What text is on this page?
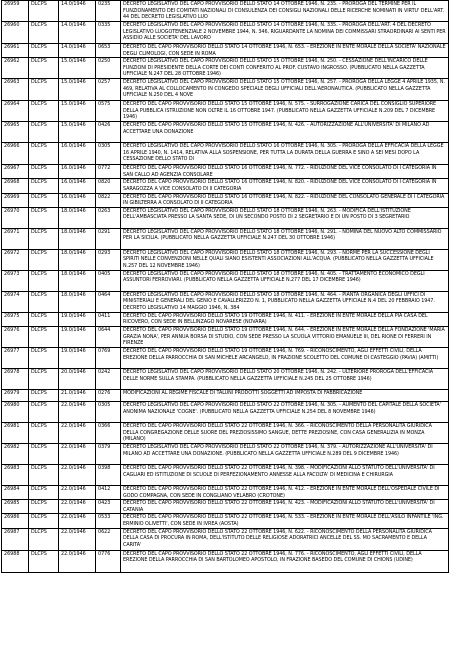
26959	DLCPS	14.0/1946	0235	DECRETO LEGISLATIVO DEL CAPO PROVVISORIO DELLO STATO 14 OTTOBRE 1946, N. 235. - PROROGA DEL TERMINE PER IL FUNZIONAMENTO DEI COMITATI NAZIONALI DI CONSULENZA DEI CONSIGLI NAZIONALI DELLE RICERCHE NOMINATI IN VIRTU' DELL'ART. 44 DEL DECRETO LEGISLATIVO LUO
26960	DLCPS	14.0/1946	0335	DECRETO LEGISLATIVO DEL CAPO PROVVISORIO DELLO STATO 14 OTTOBRE 1946, N. 335. - PROROGA DELL'ART. 4 DEL DECRETO LEGISLATIVO LUOGOTENENZIALE 2 NOVEMBRE 1944, N. 346, RIGUARDANTE LA NOMINA DEI COMMISSARI STRAORDINARI AI SENTI PER ASSIDIO ALLE SOCIETA' DEL LAVORO
26961	DLCPS	14.0/1946	0653	DECRETO DEL CAPO PROVVISORIO DELLO STATO 14 OTTOBRE 1946, N. 653. - EREZIONE IN ENTE MORALE DELLA SOCIETA' NAZIONALE DEGLI CLIMOLOGI, CON SEDE IN ROMA
26962	DLCPS	15.0/1946	0250	DECRETO LEGISLATIVO DEL CAPO PROVVISORIO DELLO STATO 15 OTTOBRE 1946, N. 250. - CESSAZIONE DELL'INCARICO DELLE FUNZIONI DI PRESIDENTE DELLA CORTE DEI CONTI CONFERITO AL PROF. CUSTAVO INGROSSO. (PUBBLICATO NELLA GAZZETTA UFFICIALE N.247 DEL 28 OTTOBRE 1946)
26963	DLCPS	15.0/1946	0257	DECRETO LEGISLATIVO DEL CAPO PROVVISORIO DELLO STATO 15 OTTOBRE 1946, N. 257. - PROROGA DELLA LEGGE 4 APRILE 1935, N. 469, RELATIVA AL COLLOCAMENTO IN CONGEDO SPECIALE DEGLI UFFICIALI DELL'AERONAUTICA. (PUBBLICATO NELLA GAZZETTA UFFICIALE N.250 DEL 4 NOVE
26964	DLCPS	15.0/1946	0575	DECRETO DEL CAPO PROVVISORIO DELLO STATO 15 OTTOBRE 1946, N. 575. - SURROGAZIONE CARICA DEL CONSIGLIO SUPERIORE DELLA PUBBLICA ISTRUZIONE NON OLTRE IL 16 OTTOBRE 1947. (PUBBLICATO NELLA GAZZETTA UFFICIALE N.209 DEL 7 DICEMBRE 1946)
26965	DLCPS	15.0/1946	0426	DECRETO DEL CAPO PROVVISORIO DELLO STATO 15 OTTOBRE 1946, N. 426. - AUTORIZZAZIONE ALL'UNIVERSITA' DI MILANO AD ACCETTARE UNA DONAZIONE
26966	DLCPS	16.0/1946	0305	DECRETO LEGISLATIVO DEL CAPO PROVVISORIO DELLO STATO 16 OTTOBRE 1946, N. 305. - PROROGA DELLA EFFICACIA DELLA LEGGE 16 APRILE 1940, N. 1414, RELATIVA ALLA SOSPENSIONE, PER TUTTA LA DURATA DELLA GUERRA E SINO A SEI MESI DOPO LA CESSAZIONE DELLO STATO DI
26967	DLCPS	16.0/1946	0772	DECRETO DEL CAPO PROVVISORIO DELLO STATO 16 OTTOBRE 1946, N. 772. - RIDUZIONE DEL VICE CONSOLATO DI I CATEGORIA IN SAN CALLO AD AGENZIA CONSOLARE
26968	DLCPS	16.0/1946	0820	DECRETO DEL CAPO PROVVISORIO DELLO STATO 16 OTTOBRE 1946, N. 820. - RIDUZIONE DEL VICE CONSOLATO DI I CATEGORIA IN SARAGOZZA A VICE CONSOLATO DI II CATEGORIA
26969	DLCPS	16.0/1946	0822	DECRETO DEL CAPO PROVVISORIO DELLO STATO 16 OTTOBRE 1946, N. 822. - RIDUZIONE DEL CONSOLATO GENERALE DI I CATEGORIA IN GIBILTERRA A CONSOLATO DI II CATEGORIA
26970	DLCPS	18.0/1946	0263	DECRETO LEGISLATIVO DEL CAPO PROVVISORIO DELLO STATO 18 OTTOBRE 1946, N. 263. - MODIFICA DELL'ISTITUZIONE DELL'AMBASCIATA PRESSO LA SANTA SEDE, DI UN SECONDO POSTO DI 2 SEGRETARIO E DI UN POSTO DI 3 SEGRETARIO
26971	DLCPS	18.0/1946	0291	DECRETO LEGISLATIVO DEL CAPO PROVVISORIO DELLO STATO 18 OTTOBRE 1946, N. 291. - NOMINA DEL NUOVO ALTO COMMISSARIO PER LA SICILIA. (PUBBLICATO NELLA GAZZETTA UFFICIALE N.247 DEL 30 OTTOBRE 1946)
26972	DLCPS	18.0/1946	0293	DECRETO LEGISLATIVO DEL CAPO PROVVISORIO DELLO STATO 18 OTTOBRE 1946, N. 293. - NORME PER LA SUCCESSIONE DEGLI SPIRITI NELLE CONVENZIONI NELLE QUALI SIANO ESISTENTI ASSOCIAZIONI ALL'ACQUA. (PUBBLICATO NELLA GAZZETTA UFFICIALE N.257 DEL 12 NOVEMBRE 1946)
26973	DLCPS	18.0/1946	0405	DECRETO LEGISLATIVO DEL CAPO PROVVISORIO DELLO STATO 18 OTTOBRE 1946, N. 405. - TRATTAMENTO ECONOMICO DEGLI ASSUNTORI FERROVIARI. (PUBBLICATO NELLA GAZZETTA UFFICIALE N.277 DEL 17 DICEMBRE 1946)
26974	DLCPS	18.0/1946	0464	DECRETO LEGISLATIVO DEL CAPO PROVVISORIO DELLO STATO 18 OTTOBRE 1946, N. 464. - PIANTA ORGANICA DEGLI UFFICI DI MINISTERIALI E GENERALI DEL GENIO E CAVALLERIZZO N. 1, PUBBLICATO NELLA GAZZETTA UFFICIALE N.4 DEL 20 FEBBRAIO 1947. DECRETO LEGISLATIVO 14 MAGGIO 1946, N. 384
26975	DLCPS	19.0/1946	0411	DECRETO DEL CAPO PROVVISORIO DELLO STATO 19 OTTOBRE 1946, N. 411. - EREZIONE IN ENTE MORALE DELLA PIA CASA DEL RICOVERO, CON SEDE IN BELLINZAGO NOVARESE (NOVARA)
26976	DLCPS	19.0/1946	0644	DECRETO DEL CAPO PROVVISORIO DELLO STATO 19 OTTOBRE 1946, N. 644. - EREZIONE IN ENTE MORALE DELLA FONDAZIONE 'MARIA GRAZIA NONA', PER ANNUA BORSA DI STUDIO, CON SEDE PRESSO LA SCUOLA VITTORIO EMANUELE III, DEL RIONE DI FERRERI IN FIRENZE
26977	DLCPS	19.0/1946	0769	DECRETO DEL CAPO PROVVISORIO DELLO STATO 19 OTTOBRE 1946, N. 769. - RICONOSCIMENTO, AGLI EFFETTI CIVILI, DELLA EREZIONE DELLA PARROCCHIA DI SAN MICHELE ARCANGELO, IN FRAZIONE SCOLETTO DEL COMUNE DI CASTEGGIO (PAVIA) (AMITTI)
26978	DLCPS	20.0/1946	0242	DECRETO LEGISLATIVO DEL CAPO PROVVISORIO DELLO STATO 20 OTTOBRE 1946, N. 242. - ULTERIORE PROROGA DELL'EFFICACIA DELLE NORME SULLA STAMPA. (PUBBLICATO NELLA GAZZETTA UFFICIALE N.245 DEL 25 OTTOBRE 1946)
26979	DLCPS	21.0/1946	0276	MODIFICAZIONI AL REGIME FISCALE DI TALUNI PRODOTTI SOGGETTI AD IMPOSTA DI FABBRICAZIONE
26980	DLCPS	22.0/1946	0305	DECRETO LEGISLATIVO DEL CAPO PROVVISORIO DELLO STATO 22 OTTOBRE 1946, N. 305. - AUMENTO DEL CAPITALE DELLA SOCIETA' ANONIMA NAZIONALE 'COGNE'. (PUBBLICATO NELLA GAZZETTA UFFICIALE N.254 DEL 8 NOVEMBRE 1946)
26981	DLCPS	22.0/1946	0366	DECRETO DEL CAPO PROVVISORIO DELLO STATO 22 OTTOBRE 1946, N. 366. - RICONOSCIMENTO DELLA PERSONALITA GIURIDICA DELLA CONGREGAZIONE DELLE SUORE DEL PREZIOSISSIMO SANGUE, DETTE PREZIOSINE, CON CASA GENERALIZIA IN MONZA (MILANO)
26982	DLCPS	22.0/1946	0379	DECRETO LEGISLATIVO DEL CAPO PROVVISORIO DELLO STATO 22 OTTOBRE 1946, N. 379. - AUTORIZZAZIONE ALL'UNIVERSITA' DI MILANO AD ACCETTARE UNA DONAZIONE. (PUBBLICATO NELLA GAZZETTA UFFICIALE N.289 DEL 9 DICEMBRE 1946)
26983	DLCPS	22.0/1946	0398	DECRETO DEL CAPO PROVVISORIO DELLO STATO 22 OTTOBRE 1946, N. 398. - MODIFICAZIONI ALLO STATUTO DELL'UNIVERSITA' DI CAGLIARI ED ISTITUZIONE DI SCUOLE DI PERFEZIONAMENTO ANNESSE ALLA FACOLTA' DI MEDICINA E CHIRURGIA
26984	DLCPS	22.0/1946	0412	DECRETO DEL CAPO PROVVISORIO DELLO STATO 22 OTTOBRE 1946, N. 412. - EREZIONE IN ENTE MORALE DELL'OSPEDALE CIVILE DI GODO COMPAGNA, CON SEDE IN CONGLIANO VELABRO (CROTONE)
26985	DLCPS	22.0/1946	0423	DECRETO DEL CAPO PROVVISORIO DELLO STATO 22 OTTOBRE 1946, N. 423. - MODIFICAZIONI ALLO STATUTO DELL'UNIVERSITA' DI CATANIA
26986	DLCPS	22.0/1946	0533	DECRETO DEL CAPO PROVVISORIO DELLO STATO 22 OTTOBRE 1946, N. 533. - EREZIONE IN ENTE MORALE DELL'ASILO INFANTILE 'ING. ERMINIO OLIVETTI', CON SEDE IN IVREA (AOSTA)
26987	DLCPS	22.0/1946	0622	DECRETO DEL CAPO PROVVISORIO DELLO STATO 22 OTTOBRE 1946, N. 622. - RICONOSCIMENTO DELLA PERSONALITA GIURIDICA DELLA CASA DI PROCURA IN ROMA, DELL'ISTITUTO DELLE RELIGIOSE ADORATRICI ANCELLE DEL SS. MO SACRAMENTO E DELLA CARITA'
26988	DLCPS	22.0/1946	0776	DECRETO DEL CAPO PROVVISORIO DELLO STATO 22 OTTOBRE 1946, N. 776. - RICONOSCIMENTO, AGLI EFFETTI CIVILI, DELLA EREZIONE DELLA PARROCCHIA DI SAN BARTOLOMEO APOSTOLO, IN FRAZIONE BASEDO DEL COMUNE DI CHIONS (UDINE)
